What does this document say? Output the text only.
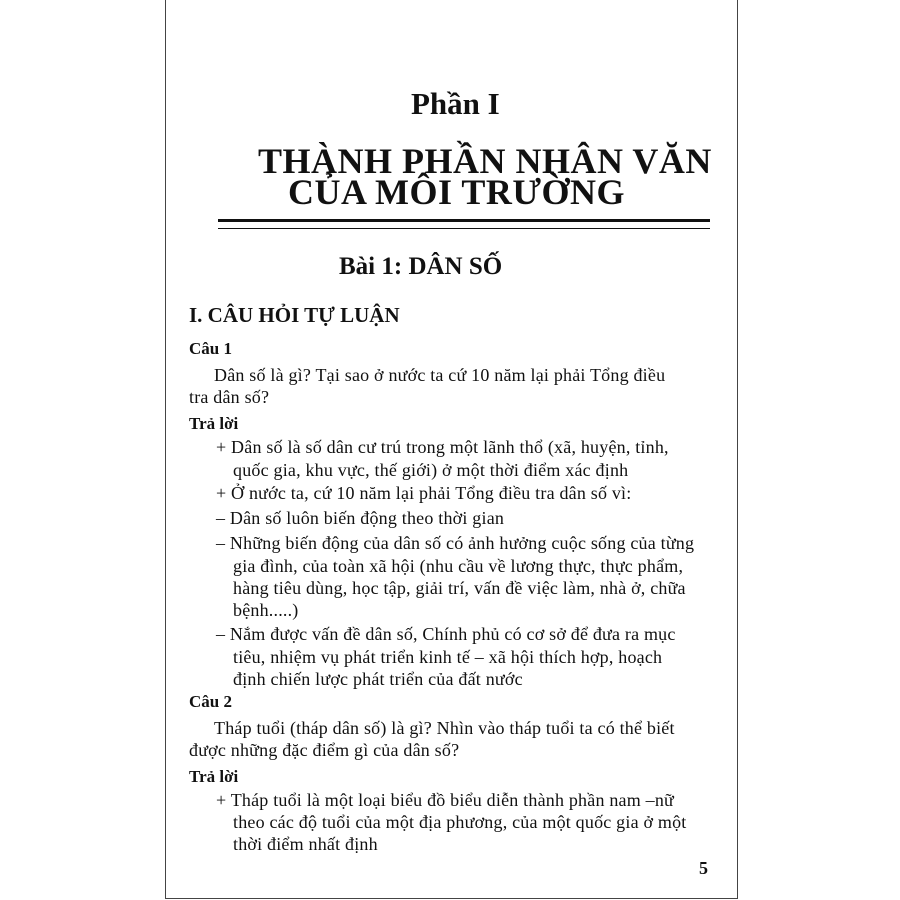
Phần I
THÀNH PHẦN NHÂN VĂN
CỦA MÔI TRƯỜNG
Bài 1: DÂN SỐ
I. CÂU HỎI TỰ LUẬN
Câu 1
Dân số là gì? Tại sao ở nước ta cứ 10 năm lại phải Tổng điều
tra dân số?
Trả lời
+ Dân số là số dân cư trú trong một lãnh thổ (xã, huyện, tỉnh,
quốc gia, khu vực, thế giới) ở một thời điểm xác định
+ Ở nước ta, cứ 10 năm lại phải Tổng điều tra dân số vì:
– Dân số luôn biến động theo thời gian
– Những biến động của dân số có ảnh hưởng cuộc sống của từng
gia đình, của toàn xã hội (nhu cầu về lương thực, thực phẩm,
hàng tiêu dùng, học tập, giải trí, vấn đề việc làm, nhà ở, chữa
bệnh.....)
– Nắm được vấn đề dân số, Chính phủ có cơ sở để đưa ra mục
tiêu, nhiệm vụ phát triển kinh tế – xã hội thích hợp, hoạch
định chiến lược phát triển của đất nước
Câu 2
Tháp tuổi (tháp dân số) là gì? Nhìn vào tháp tuổi ta có thể biết
được những đặc điểm gì của dân số?
Trả lời
+ Tháp tuổi là một loại biểu đồ biểu diễn thành phần nam –nữ
theo các độ tuổi của một địa phương, của một quốc gia ở một
thời điểm nhất định
5
